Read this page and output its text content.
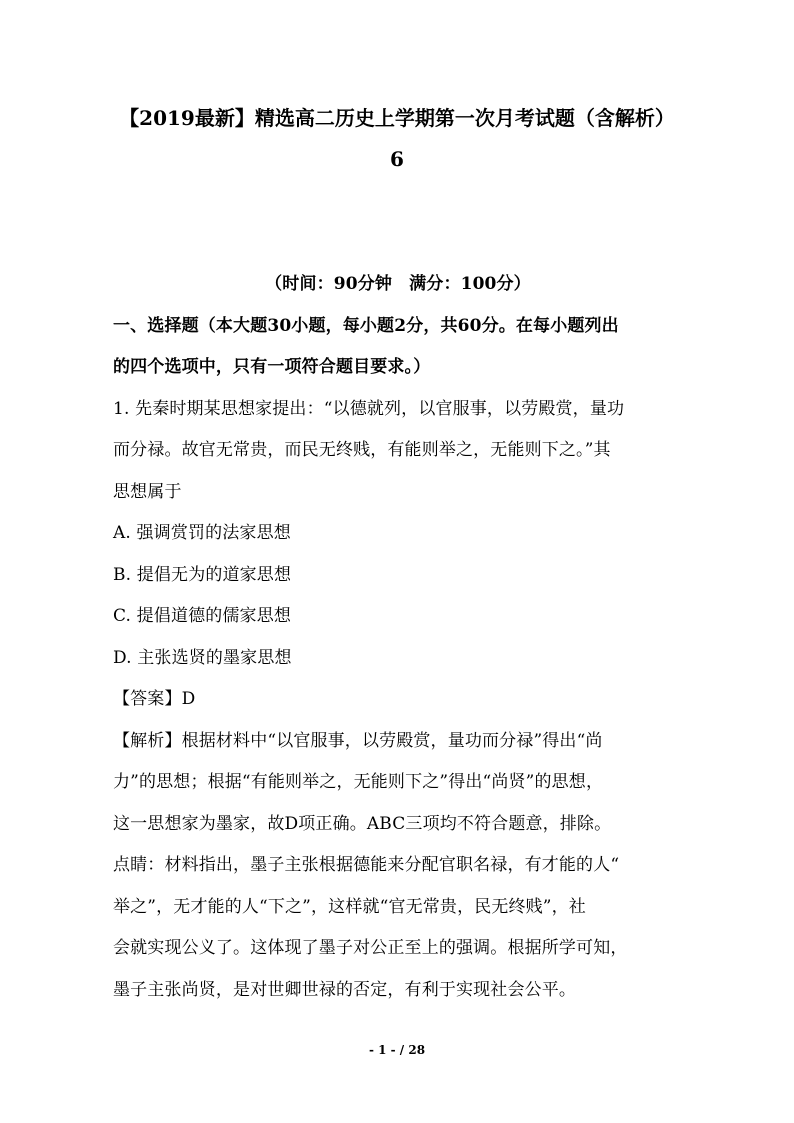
【2019最新】精选高二历史上学期第一次月考试题（含解析）
6
（时间：90分钟　满分：100分）
一、选择题（本大题30小题，每小题2分，共60分。在每小题列出
的四个选项中，只有一项符合题目要求。）
1. 先秦时期某思想家提出：“以德就列，以官服事，以劳殿赏，量功
而分禄。故官无常贵，而民无终贱，有能则举之，无能则下之。”其
思想属于
A. 强调赏罚的法家思想
B. 提倡无为的道家思想
C. 提倡道德的儒家思想
D. 主张选贤的墨家思想
【答案】D
【解析】根据材料中“以官服事，以劳殿赏，量功而分禄”得出“尚
力”的思想；根据“有能则举之，无能则下之”得出“尚贤”的思想，
这一思想家为墨家，故D项正确。ABC三项均不符合题意，排除。
点睛：材料指出，墨子主张根据德能来分配官职名禄，有才能的人“
举之”，无才能的人“下之”，这样就“官无常贵，民无终贱”，社
会就实现公义了。这体现了墨子对公正至上的强调。根据所学可知，
墨子主张尚贤，是对世卿世禄的否定，有利于实现社会公平。
- 1 - / 28
